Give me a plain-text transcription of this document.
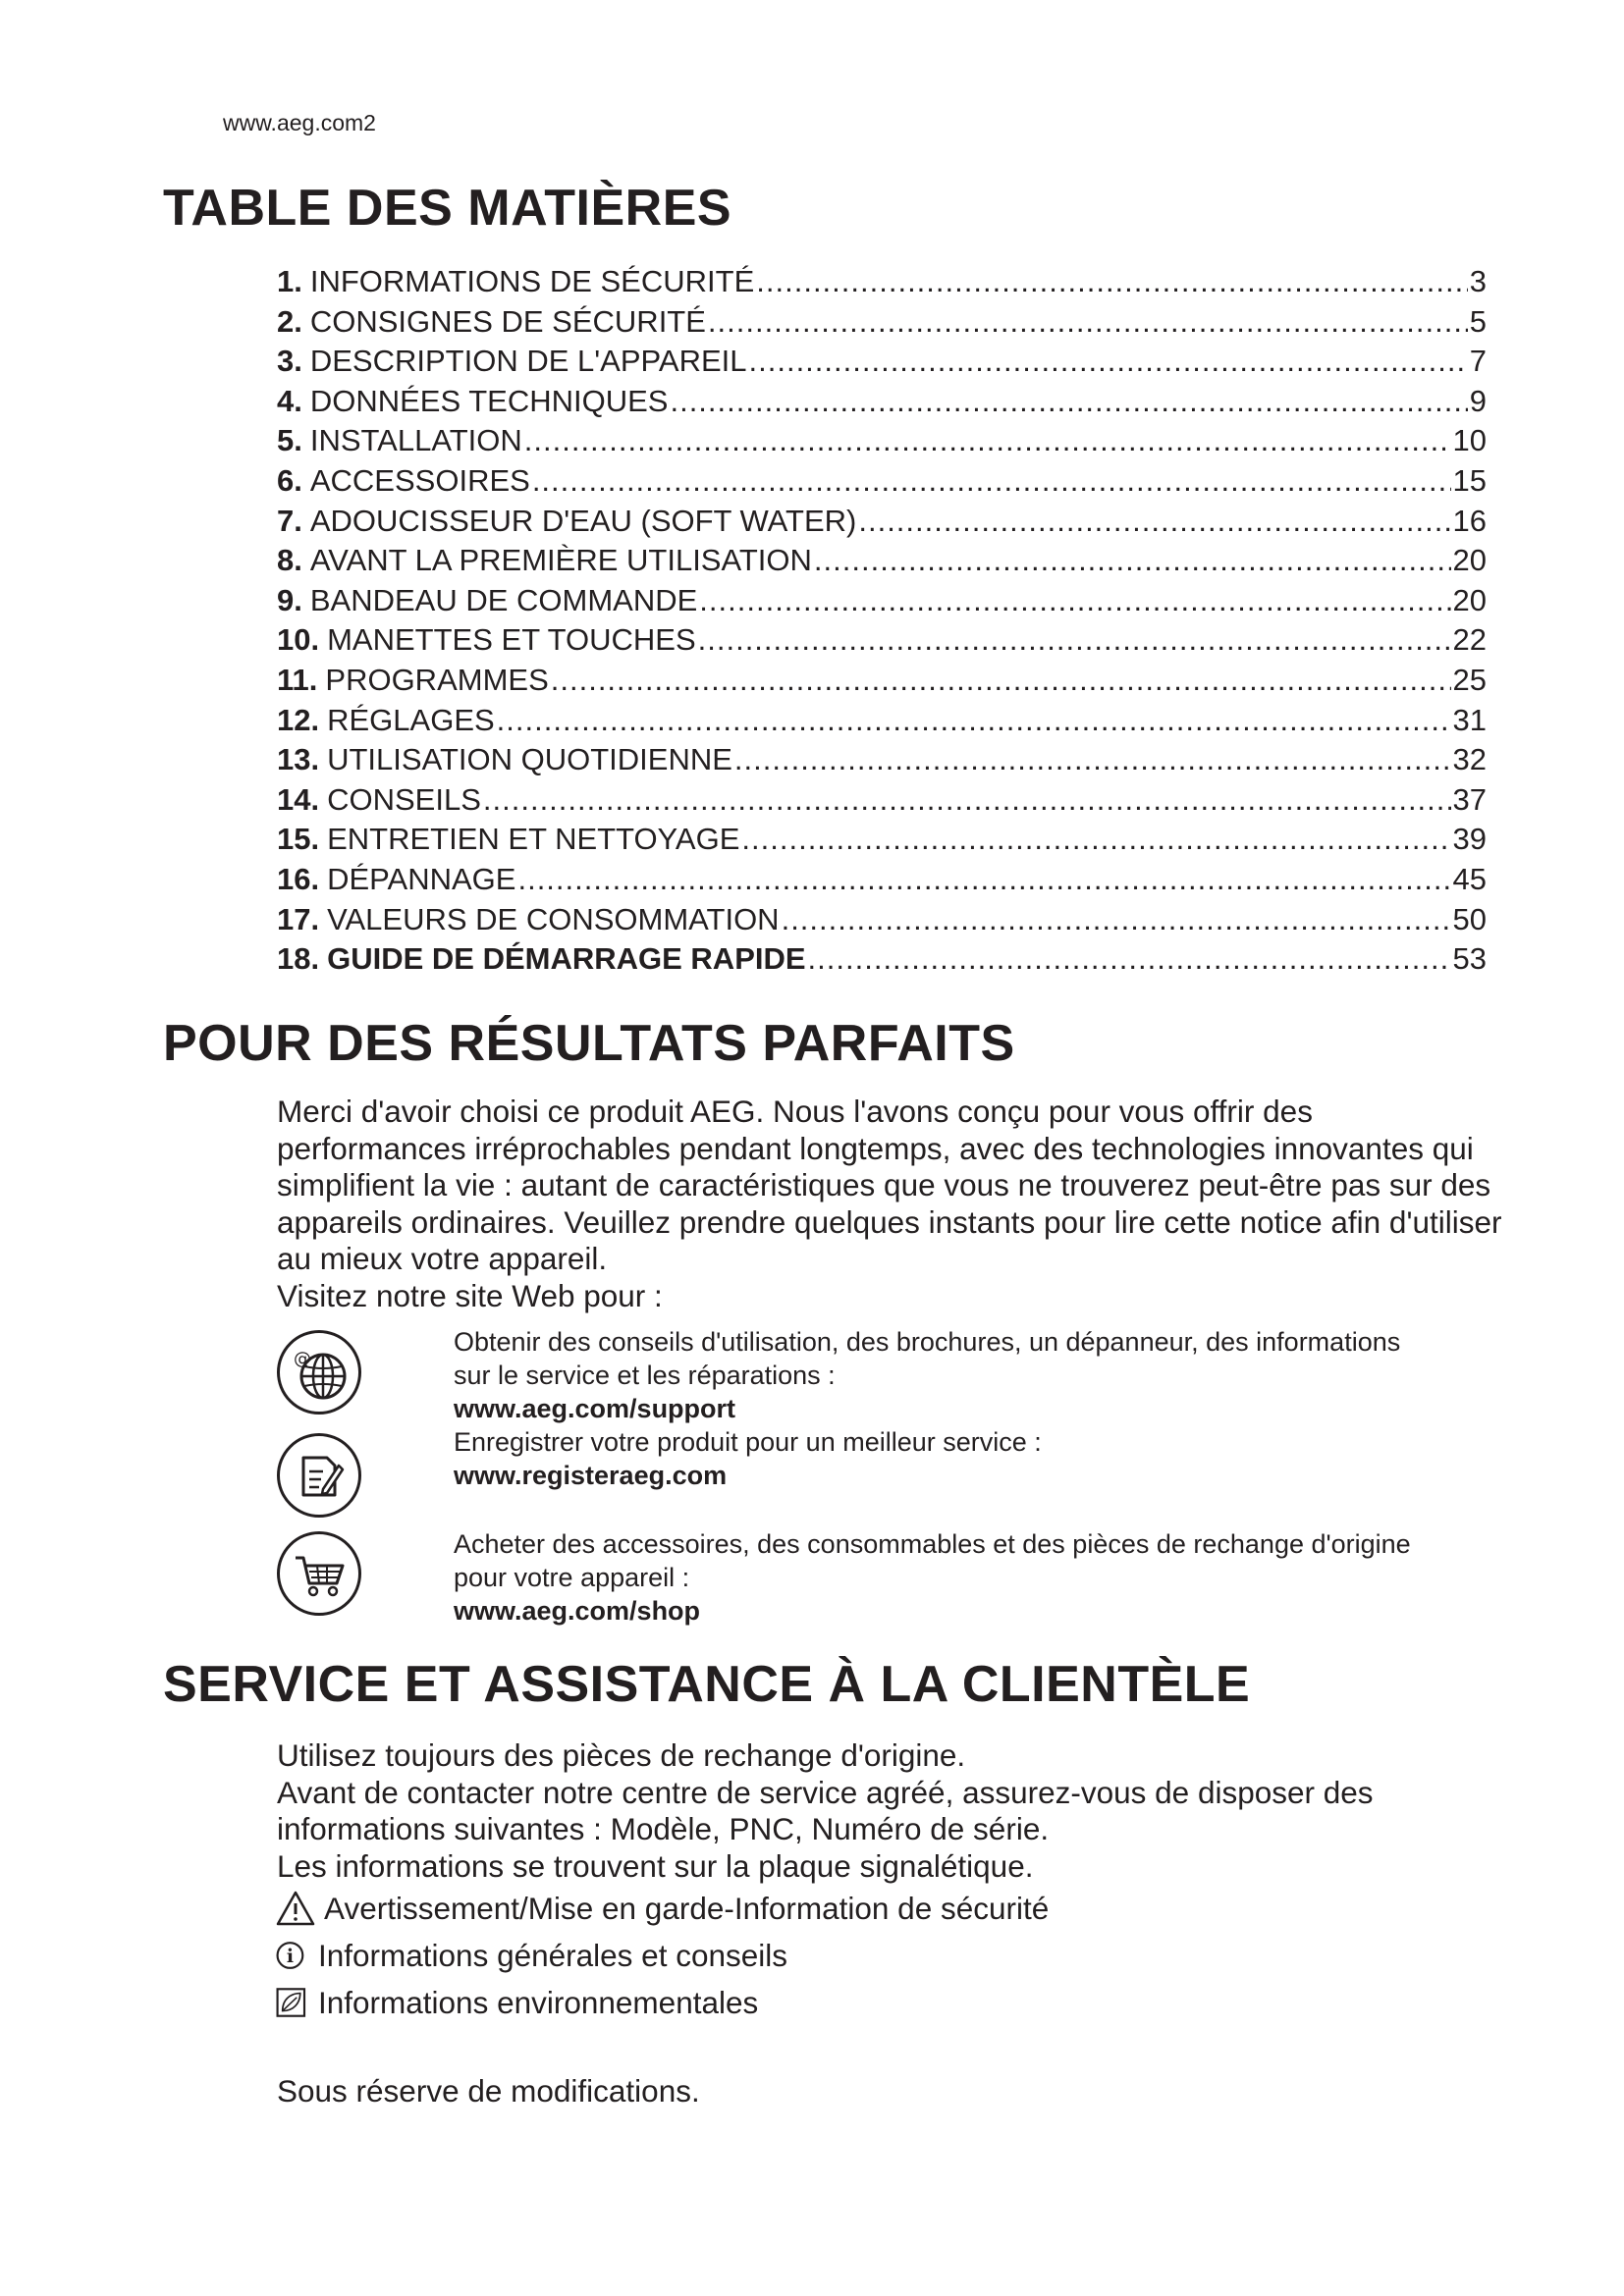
www.aeg.com2
TABLE DES MATIÈRES
1. INFORMATIONS DE SÉCURITÉ .....	3
2. CONSIGNES DE SÉCURITÉ .....	5
3. DESCRIPTION DE L'APPAREIL .....	7
4. DONNÉES TECHNIQUES .....	9
5. INSTALLATION .....	10
6. ACCESSOIRES .....	15
7. ADOUCISSEUR D'EAU (SOFT WATER) .....	16
8. AVANT LA PREMIÈRE UTILISATION .....	20
9. BANDEAU DE COMMANDE .....	20
10. MANETTES ET TOUCHES .....	22
11. PROGRAMMES .....	25
12. RÉGLAGES .....	31
13. UTILISATION QUOTIDIENNE .....	32
14. CONSEILS .....	37
15. ENTRETIEN ET NETTOYAGE .....	39
16. DÉPANNAGE .....	45
17. VALEURS DE CONSOMMATION .....	50
18. GUIDE DE DÉMARRAGE RAPIDE .....	53
POUR DES RÉSULTATS PARFAITS
Merci d'avoir choisi ce produit AEG. Nous l'avons conçu pour vous offrir des performances irréprochables pendant longtemps, avec des technologies innovantes qui simplifient la vie : autant de caractéristiques que vous ne trouverez peut-être pas sur des appareils ordinaires. Veuillez prendre quelques instants pour lire cette notice afin d'utiliser au mieux votre appareil.
Visitez notre site Web pour :
@
Obtenir des conseils d'utilisation, des brochures, un dépanneur, des informations sur le service et les réparations :
www.aeg.com/support
Enregistrer votre produit pour un meilleur service :
www.registeraeg.com
Acheter des accessoires, des consommables et des pièces de rechange d'origine pour votre appareil :
www.aeg.com/shop
SERVICE ET ASSISTANCE À LA CLIENTÈLE
Utilisez toujours des pièces de rechange d'origine.
Avant de contacter notre centre de service agréé, assurez-vous de disposer des informations suivantes : Modèle, PNC, Numéro de série.
Les informations se trouvent sur la plaque signalétique.
Avertissement/Mise en garde-Information de sécurité
i Informations générales et conseils
Informations environnementales
Sous réserve de modifications.
